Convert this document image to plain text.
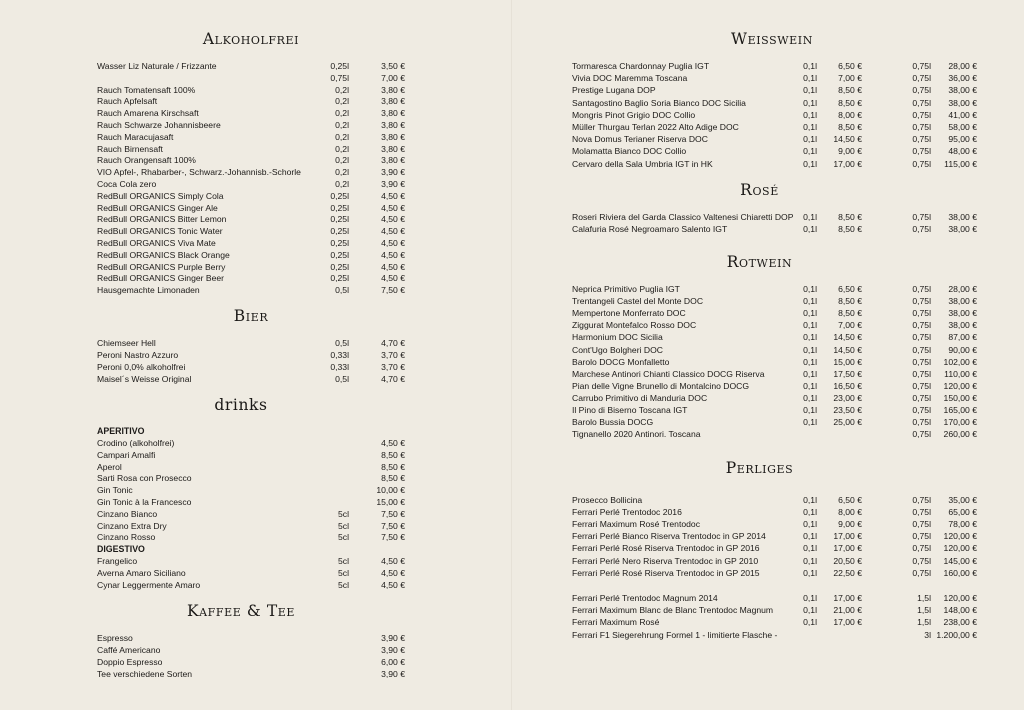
Alkoholfrei
Wasser Liz Naturale / Frizzante	0,25l	3,50 €
0,75l	7,00 €
Rauch Tomatensaft 100%	0,2l	3,80 €
Rauch Apfelsaft	0,2l	3,80 €
Rauch Amarena Kirschsaft	0,2l	3,80 €
Rauch Schwarze Johannisbeere	0,2l	3,80 €
Rauch Maracujasaft	0,2l	3,80 €
Rauch Birnensaft	0,2l	3,80 €
Rauch Orangensaft 100%	0,2l	3,80 €
VIO Apfel-, Rhabarber-, Schwarz.-Johannisb.-Schorle	0,2l	3,90 €
Coca Cola zero	0,2l	3,90 €
RedBull ORGANICS Simply Cola	0,25l	4,50 €
RedBull ORGANICS Ginger Ale	0,25l	4,50 €
RedBull ORGANICS Bitter Lemon	0,25l	4,50 €
RedBull ORGANICS Tonic Water	0,25l	4,50 €
RedBull ORGANICS Viva Mate	0,25l	4,50 €
RedBull ORGANICS Black Orange	0,25l	4,50 €
RedBull ORGANICS Purple Berry	0,25l	4,50 €
RedBull ORGANICS Ginger Beer	0,25l	4,50 €
Hausgemachte Limonaden	0,5l	7,50 €
Bier
Chiemseer Hell	0,5l	4,70 €
Peroni Nastro Azzuro	0,33l	3,70 €
Peroni 0,0% alkoholfrei	0,33l	3,70 €
Maisel´s Weisse Original	0,5l	4,70 €
drinks
APERITIVO
Crodino (alkoholfrei)	4,50 €
Campari Amalfi	8,50 €
Aperol	8,50 €
Sarti Rosa con Prosecco	8,50 €
Gin Tonic	10,00 €
Gin Tonic à la Francesco	15,00 €
Cinzano Bianco	5cl	7,50 €
Cinzano Extra Dry	5cl	7,50 €
Cinzano Rosso	5cl	7,50 €
DIGESTIVO
Frangelico	5cl	4,50 €
Averna Amaro Siciliano	5cl	4,50 €
Cynar Leggermente Amaro	5cl	4,50 €
Kaffee & Tee
Espresso	3,90 €
Caffé Americano	3,90 €
Doppio Espresso	6,00 €
Tee verschiedene Sorten	3,90 €
Weisswein
Tormaresca Chardonnay Puglia IGT	0,1l	6,50 €	0,75l	28,00 €
Vivia DOC Maremma Toscana	0,1l	7,00 €	0,75l	36,00 €
Prestige Lugana DOP	0,1l	8,50 €	0,75l	38,00 €
Santagostino Baglio Soria Bianco DOC Sicilia	0,1l	8,50 €	0,75l	38,00 €
Mongris Pinot Grigio DOC Collio	0,1l	8,00 €	0,75l	41,00 €
Müller Thurgau Terlan 2022 Alto Adige DOC	0,1l	8,50 €	0,75l	58,00 €
Nova Domus Terianer Riserva DOC	0,1l	14,50 €	0,75l	95,00 €
Molamatta Bianco DOC Collio	0,1l	9,00 €	0,75l	48,00 €
Cervaro della Sala Umbria IGT in HK	0,1l	17,00 €	0,75l	115,00 €
Rosé
Roseri Riviera del Garda Classico Valtenesi Chiaretti DOP	0,1l	8,50 €	0,75l	38,00 €
Calafuria Rosé Negroamaro Salento IGT	0,1l	8,50 €	0,75l	38,00 €
Rotwein
Neprica Primitivo Puglia IGT	0,1l	6,50 €	0,75l	28,00 €
Trentangeli Castel del Monte DOC	0,1l	8,50 €	0,75l	38,00 €
Mempertone Monferrato DOC	0,1l	8,50 €	0,75l	38,00 €
Ziggurat Montefalco Rosso DOC	0,1l	7,00 €	0,75l	38,00 €
Harmonium DOC Sicilia	0,1l	14,50 €	0,75l	87,00 €
Cont'Ugo Bolgheri DOC	0,1l	14,50 €	0,75l	90,00 €
Barolo DOCG Monfalletto	0,1l	15,00 €	0,75l	102,00 €
Marchese Antinori Chianti Classico DOCG Riserva	0,1l	17,50 €	0,75l	110,00 €
Pian delle Vigne Brunello di Montalcino DOCG	0,1l	16,50 €	0,75l	120,00 €
Carrubo Primitivo di Manduria DOC	0,1l	23,00 €	0,75l	150,00 €
Il Pino di Biserno Toscana IGT	0,1l	23,50 €	0,75l	165,00 €
Barolo Bussia DOCG	0,1l	25,00 €	0,75l	170,00 €
Tignanello 2020 Antinori. Toscana	0,75l	260,00 €
Perliges
Prosecco Bollicina	0,1l	6,50 €	0,75l	35,00 €
Ferrari Perlé Trentodoc 2016	0,1l	8,00 €	0,75l	65,00 €
Ferrari Maximum Rosé Trentodoc	0,1l	9,00 €	0,75l	78,00 €
Ferrari Perlé Bianco Riserva Trentodoc in GP 2014	0,1l	17,00 €	0,75l	120,00 €
Ferrari Perlé Rosé Riserva Trentodoc in GP 2016	0,1l	17,00 €	0,75l	120,00 €
Ferrari Perlé Nero Riserva Trentodoc in GP 2010	0,1l	20,50 €	0,75l	145,00 €
Ferrari Perlé Rosé Riserva Trentodoc in GP 2015	0,1l	22,50 €	0,75l	160,00 €
Ferrari Perlé Trentodoc Magnum 2014	0,1l	17,00 €	1,5l	120,00 €
Ferrari Maximum Blanc de Blanc Trentodoc Magnum	0,1l	21,00 €	1,5l	148,00 €
Ferrari Maximum Rosé	0,1l	17,00 €	1,5l	238,00 €
Ferrari F1 Siegerehrung Formel 1 - limitierte Flasche -	3l 1.200,00 €
